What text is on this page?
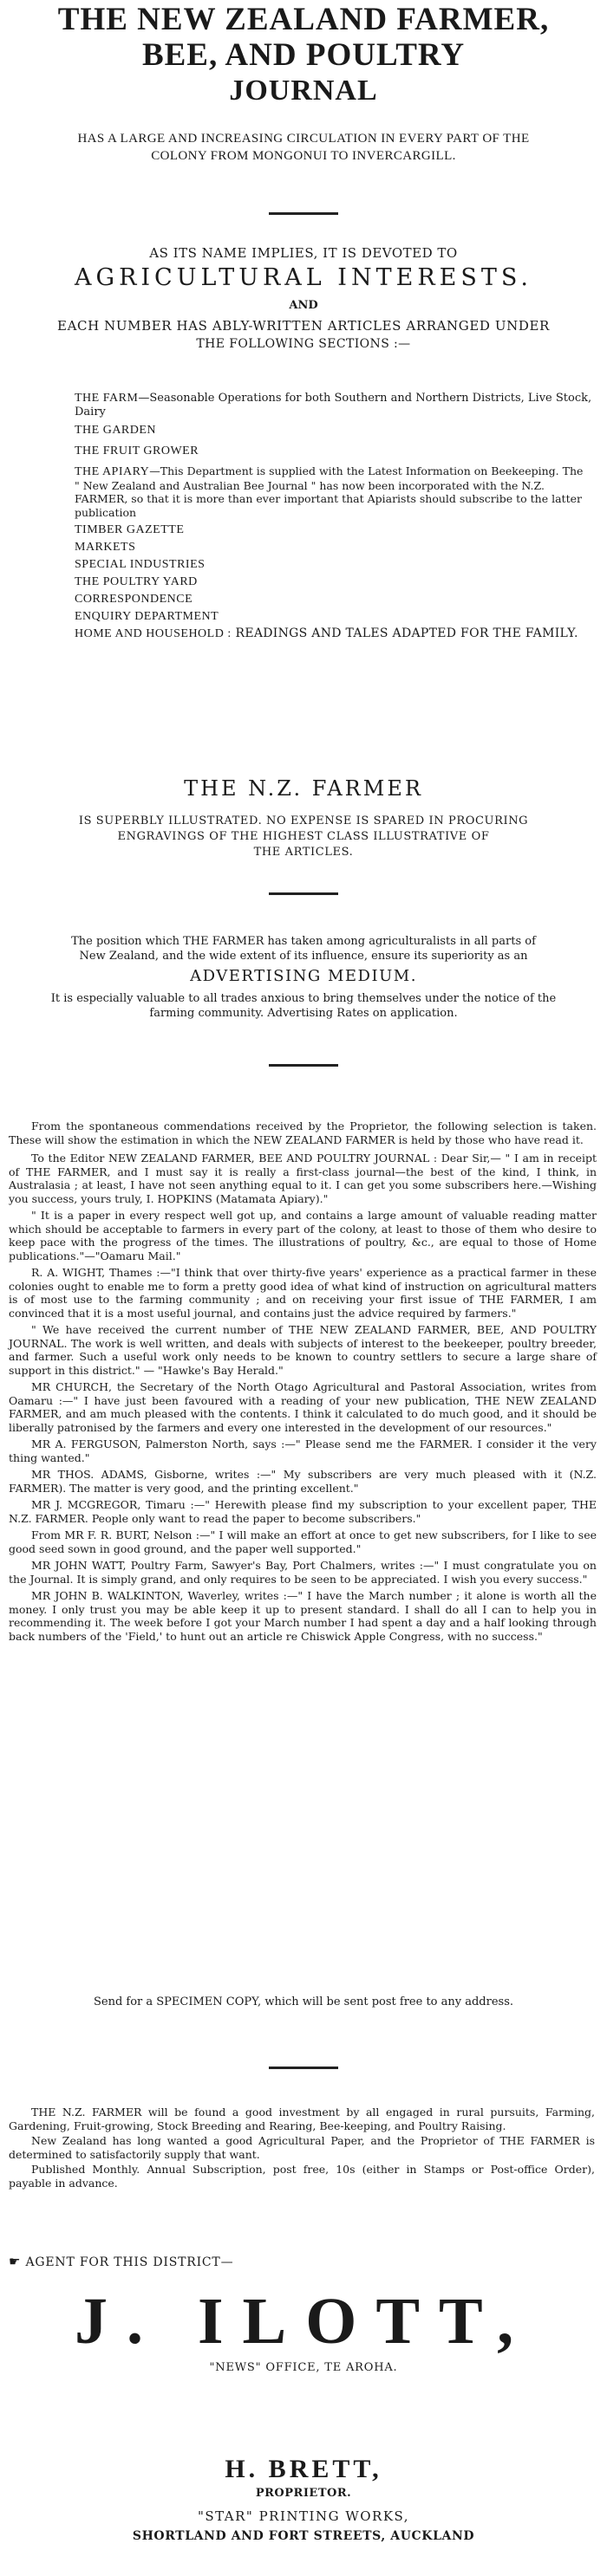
THE NEW ZEALAND FARMER,

BEE, AND POULTRY

JOURNAL

HAS A LARGE AND INCREASING CIRCULATION IN EVERY PART OF THE

COLONY FROM MONGONUI TO INVERCARGILL.

AS ITS NAME IMPLIES, IT IS DEVOTED TO

AGRICULTURAL INTERESTS.

AND

EACH NUMBER HAS ABLY-WRITTEN ARTICLES ARRANGED UNDER

THE FOLLOWING SECTIONS :—

THE FARM—Seasonable Operations for both Southern and Northern Districts, Live Stock, Dairy
THE GARDEN
THE FRUIT GROWER
THE APIARY—This Department is supplied with the Latest Information on Beekeeping. The " New Zealand and Australian Bee Journal " has now been incorporated with the N.Z. FARMER, so that it is more than ever important that Apiarists should subscribe to the latter publication
TIMBER GAZETTE
MARKETS
SPECIAL INDUSTRIES
THE POULTRY YARD
CORRESPONDENCE
ENQUIRY DEPARTMENT
HOME AND HOUSEHOLD : READINGS AND TALES ADAPTED FOR THE FAMILY.

THE N.Z. FARMER

IS SUPERBLY ILLUSTRATED. NO EXPENSE IS SPARED IN PROCURING

ENGRAVINGS OF THE HIGHEST CLASS ILLUSTRATIVE OF

THE ARTICLES.

The position which THE FARMER has taken among agriculturalists in all parts of

New Zealand, and the wide extent of its influence, ensure its superiority as an

ADVERTISING MEDIUM.

It is especially valuable to all trades anxious to bring themselves under the notice of the

farming community. Advertising Rates on application.

From the spontaneous commendations received by the Proprietor, the following selection is taken. These will show the estimation in which the NEW ZEALAND FARMER is held by those who have read it.

To the Editor NEW ZEALAND FARMER, BEE AND POULTRY JOURNAL : Dear Sir,— " I am in receipt of THE FARMER, and I must say it is really a first-class journal—the best of the kind, I think, in Australasia ; at least, I have not seen anything equal to it. I can get you some subscribers here.—Wishing you success, yours truly, I. HOPKINS (Matamata Apiary)."

" It is a paper in every respect well got up, and contains a large amount of valuable reading matter which should be acceptable to farmers in every part of the colony, at least to those of them who desire to keep pace with the progress of the times. The illustrations of poultry, &c., are equal to those of Home publications."—"Oamaru Mail."

R. A. WIGHT, Thames :—"I think that over thirty-five years' experience as a practical farmer in these colonies ought to enable me to form a pretty good idea of what kind of instruction on agricultural matters is of most use to the farming community ; and on receiving your first issue of THE FARMER, I am convinced that it is a most useful journal, and contains just the advice required by farmers."

" We have received the current number of THE NEW ZEALAND FARMER, BEE, AND POULTRY JOURNAL. The work is well written, and deals with subjects of interest to the beekeeper, poultry breeder, and farmer. Such a useful work only needs to be known to country settlers to secure a large share of support in this district." — "Hawke's Bay Herald."

MR CHURCH, the Secretary of the North Otago Agricultural and Pastoral Association, writes from Oamaru :—" I have just been favoured with a reading of your new publication, THE NEW ZEALAND FARMER, and am much pleased with the contents. I think it calculated to do much good, and it should be liberally patronised by the farmers and every one interested in the development of our resources."

MR A. FERGUSON, Palmerston North, says :—" Please send me the FARMER. I consider it the very thing wanted."

MR THOS. ADAMS, Gisborne, writes :—" My subscribers are very much pleased with it (N.Z. FARMER). The matter is very good, and the printing excellent."

MR J. MCGREGOR, Timaru :—" Herewith please find my subscription to your excellent paper, THE N.Z. FARMER. People only want to read the paper to become subscribers."

From MR F. R. BURT, Nelson :—" I will make an effort at once to get new subscribers, for I like to see good seed sown in good ground, and the paper well supported."

MR JOHN WATT, Poultry Farm, Sawyer's Bay, Port Chalmers, writes :—" I must congratulate you on the Journal. It is simply grand, and only requires to be seen to be appreciated. I wish you every success."

MR JOHN B. WALKINTON, Waverley, writes :—" I have the March number ; it alone is worth all the money. I only trust you may be able keep it up to present standard. I shall do all I can to help you in recommending it. The week before I got your March number I had spent a day and a half looking through back numbers of the 'Field,' to hunt out an article re Chiswick Apple Congress, with no success."

Send for a SPECIMEN COPY, which will be sent post free to any address.

THE N.Z. FARMER will be found a good investment by all engaged in rural pursuits, Farming, Gardening, Fruit-growing, Stock Breeding and Rearing, Bee-keeping, and Poultry Raising.

New Zealand has long wanted a good Agricultural Paper, and the Proprietor of THE FARMER is determined to satisfactorily supply that want.

Published Monthly. Annual Subscription, post free, 10s (either in Stamps or Post-office Order), payable in advance.

☛ AGENT FOR THIS DISTRICT—

J. ILOTT,

"NEWS" OFFICE, TE AROHA.

H. BRETT,

PROPRIETOR.

"STAR" PRINTING WORKS,

SHORTLAND AND FORT STREETS, AUCKLAND
